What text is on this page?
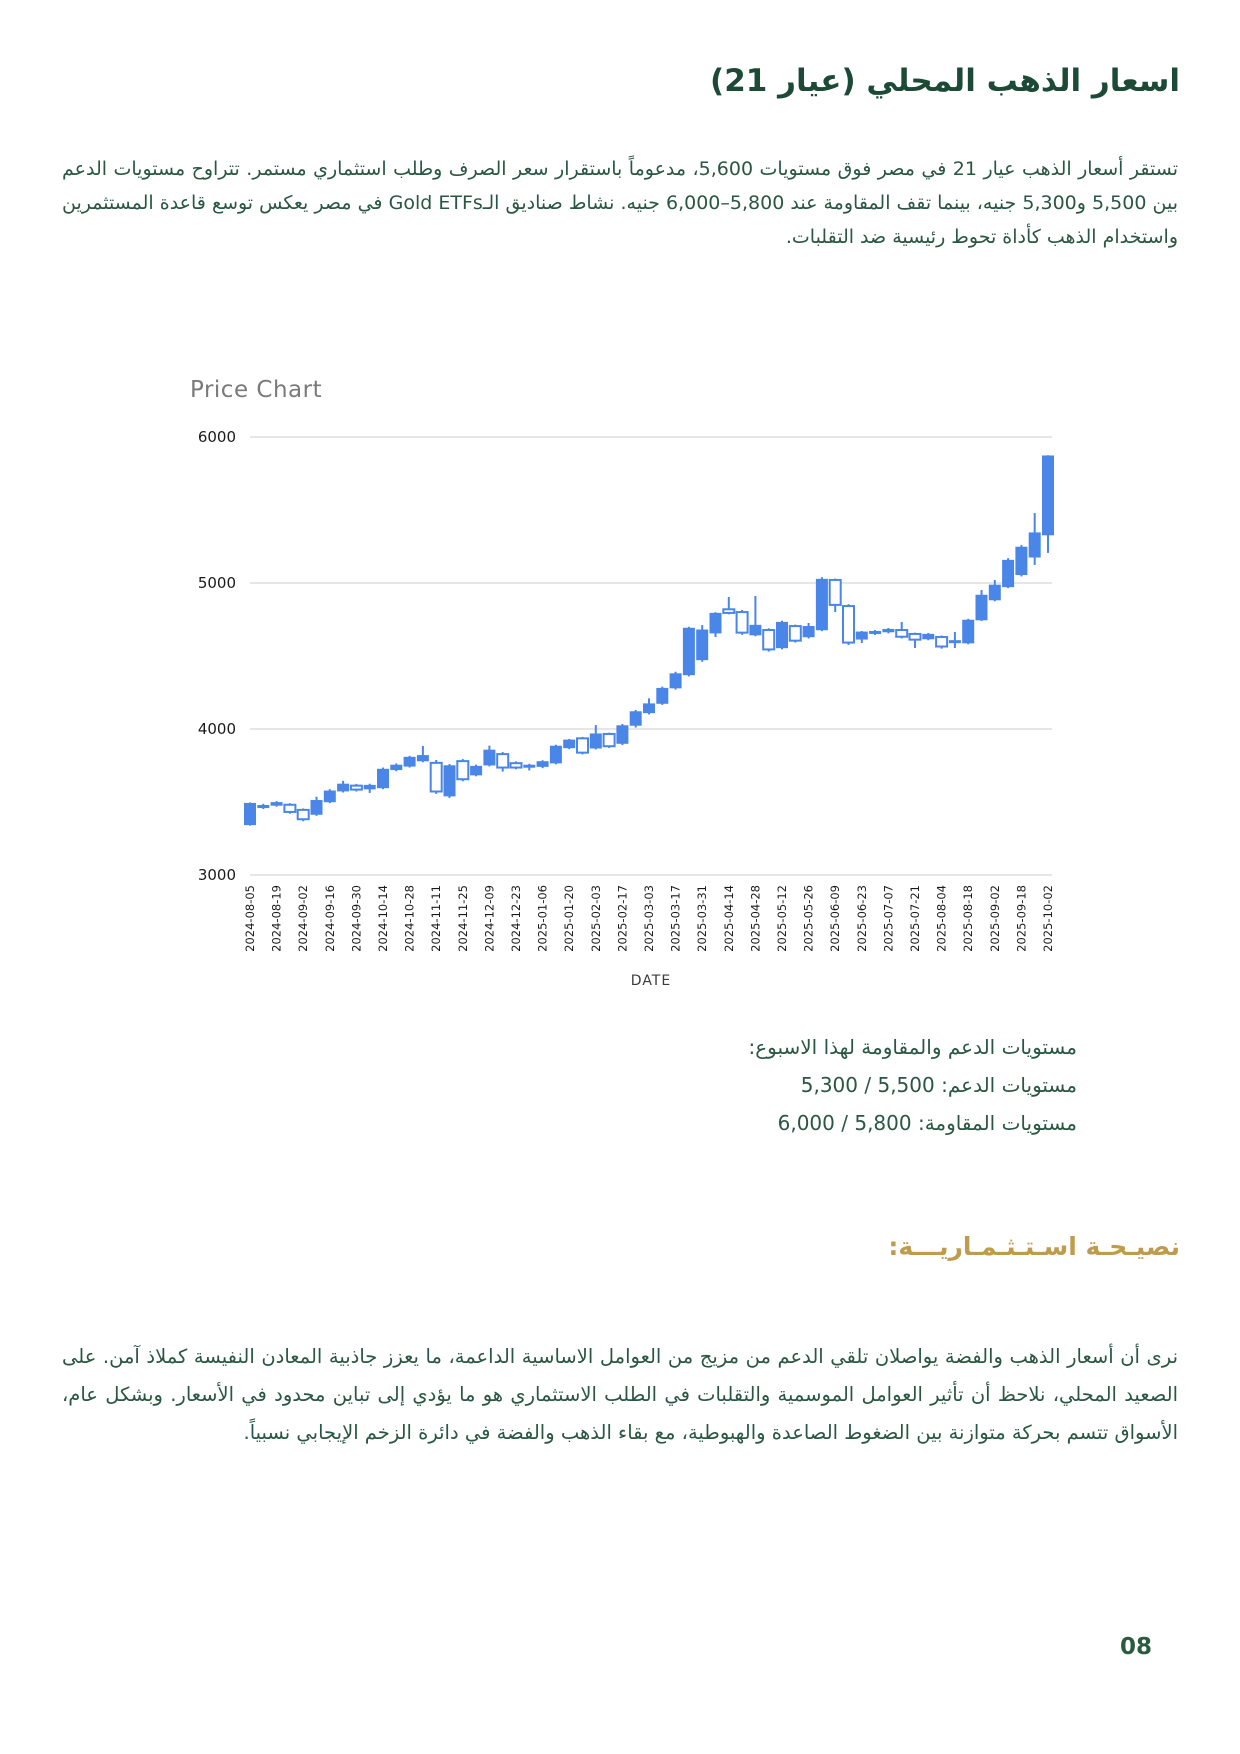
اسعار الذهب المحلي (عيار 21)

تستقر أسعار الذهب عيار 21 في مصر فوق مستويات 5,600، مدعوماً باستقرار سعر الصرف وطلب استثماري مستمر. تتراوح مستويات الدعم بين 5,500 و5,300 جنيه، بينما تقف المقاومة عند 5,800–6,000 جنيه. نشاط صناديق الـGold ETFs في مصر يعكس توسع قاعدة المستثمرين واستخدام الذهب كأداة تحوط رئيسية ضد التقلبات.

Price Chart
3000
4000
5000
6000
2024-08-05 2024-08-19 2024-09-02 2024-09-16 2024-09-30 2024-10-14 2024-10-28 2024-11-11 2024-11-25 2024-12-09 2024-12-23 2025-01-06 2025-01-20 2025-02-03 2025-02-17 2025-03-03 2025-03-17 2025-03-31 2025-04-14 2025-04-28 2025-05-12 2025-05-26 2025-06-09 2025-06-23 2025-07-07 2025-07-21 2025-08-04 2025-08-18 2025-09-02 2025-09-18 2025-10-02
DATE
مستويات الدعم والمقاومة لهذا الاسبوع:
مستويات الدعم: 5,500 / 5,300
مستويات المقاومة: 5,800 / 6,000
نصيـحـة اسـتـثـمـاريـــة:

نرى أن أسعار الذهب والفضة يواصلان تلقي الدعم من مزيج من العوامل الاساسية الداعمة، ما يعزز جاذبية المعادن النفيسة كملاذ آمن. على الصعيد المحلي، نلاحظ أن تأثير العوامل الموسمية والتقلبات في الطلب الاستثماري هو ما يؤدي إلى تباين محدود في الأسعار. وبشكل عام، الأسواق تتسم بحركة متوازنة بين الضغوط الصاعدة والهبوطية، مع بقاء الذهب والفضة في دائرة الزخم الإيجابي نسبياً.

08
